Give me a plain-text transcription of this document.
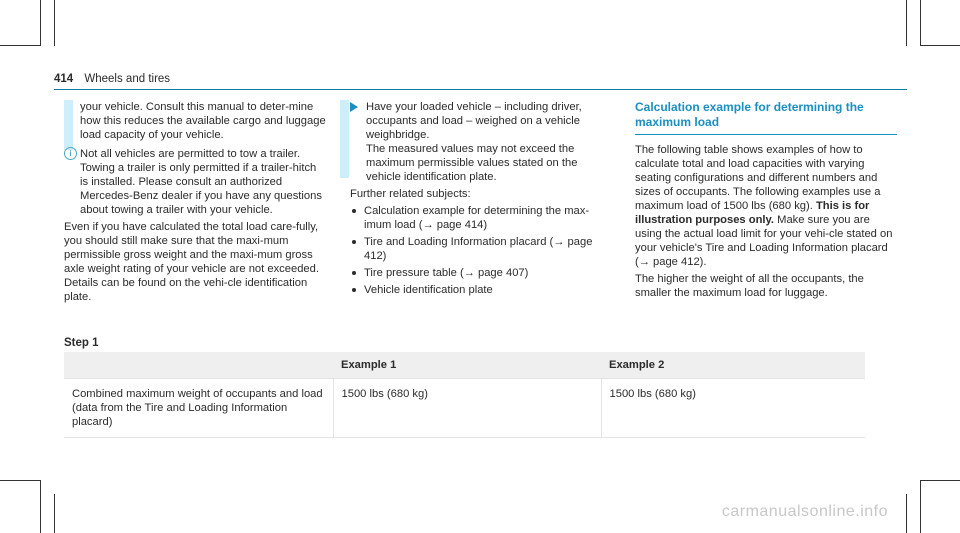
414 Wheels and tires

your vehicle. Consult this manual to deter-mine how this reduces the available cargo and luggage load capacity of your vehicle.

i Not all vehicles are permitted to tow a trailer. Towing a trailer is only permitted if a trailer-hitch is installed. Please consult an authorized Mercedes-Benz dealer if you have any questions about towing a trailer with your vehicle.

Even if you have calculated the total load care-fully, you should still make sure that the maxi-mum permissible gross weight and the maxi-mum gross axle weight rating of your vehicle are not exceeded. Details can be found on the vehi-cle identification plate.

Have your loaded vehicle – including driver, occupants and load – weighed on a vehicle weighbridge.
The measured values may not exceed the maximum permissible values stated on the vehicle identification plate.
Further related subjects:
Calculation example for determining the max-imum load (→ page 414)
Tire and Loading Information placard (→ page 412)
Tire pressure table (→ page 407)
Vehicle identification plate
Calculation example for determining the maximum load

The following table shows examples of how to calculate total and load capacities with varying seating configurations and different numbers and sizes of occupants. The following examples use a maximum load of 1500 lbs (680 kg). This is for illustration purposes only. Make sure you are using the actual load limit for your vehi-cle stated on your vehicle's Tire and Loading Information placard (→ page 412).

The higher the weight of all the occupants, the smaller the maximum load for luggage.

Step 1
	Example 1	Example 2
Combined maximum weight of occupants and load (data from the Tire and Loading Information placard)	1500 lbs (680 kg)	1500 lbs (680 kg)
carmanualsonline.info
